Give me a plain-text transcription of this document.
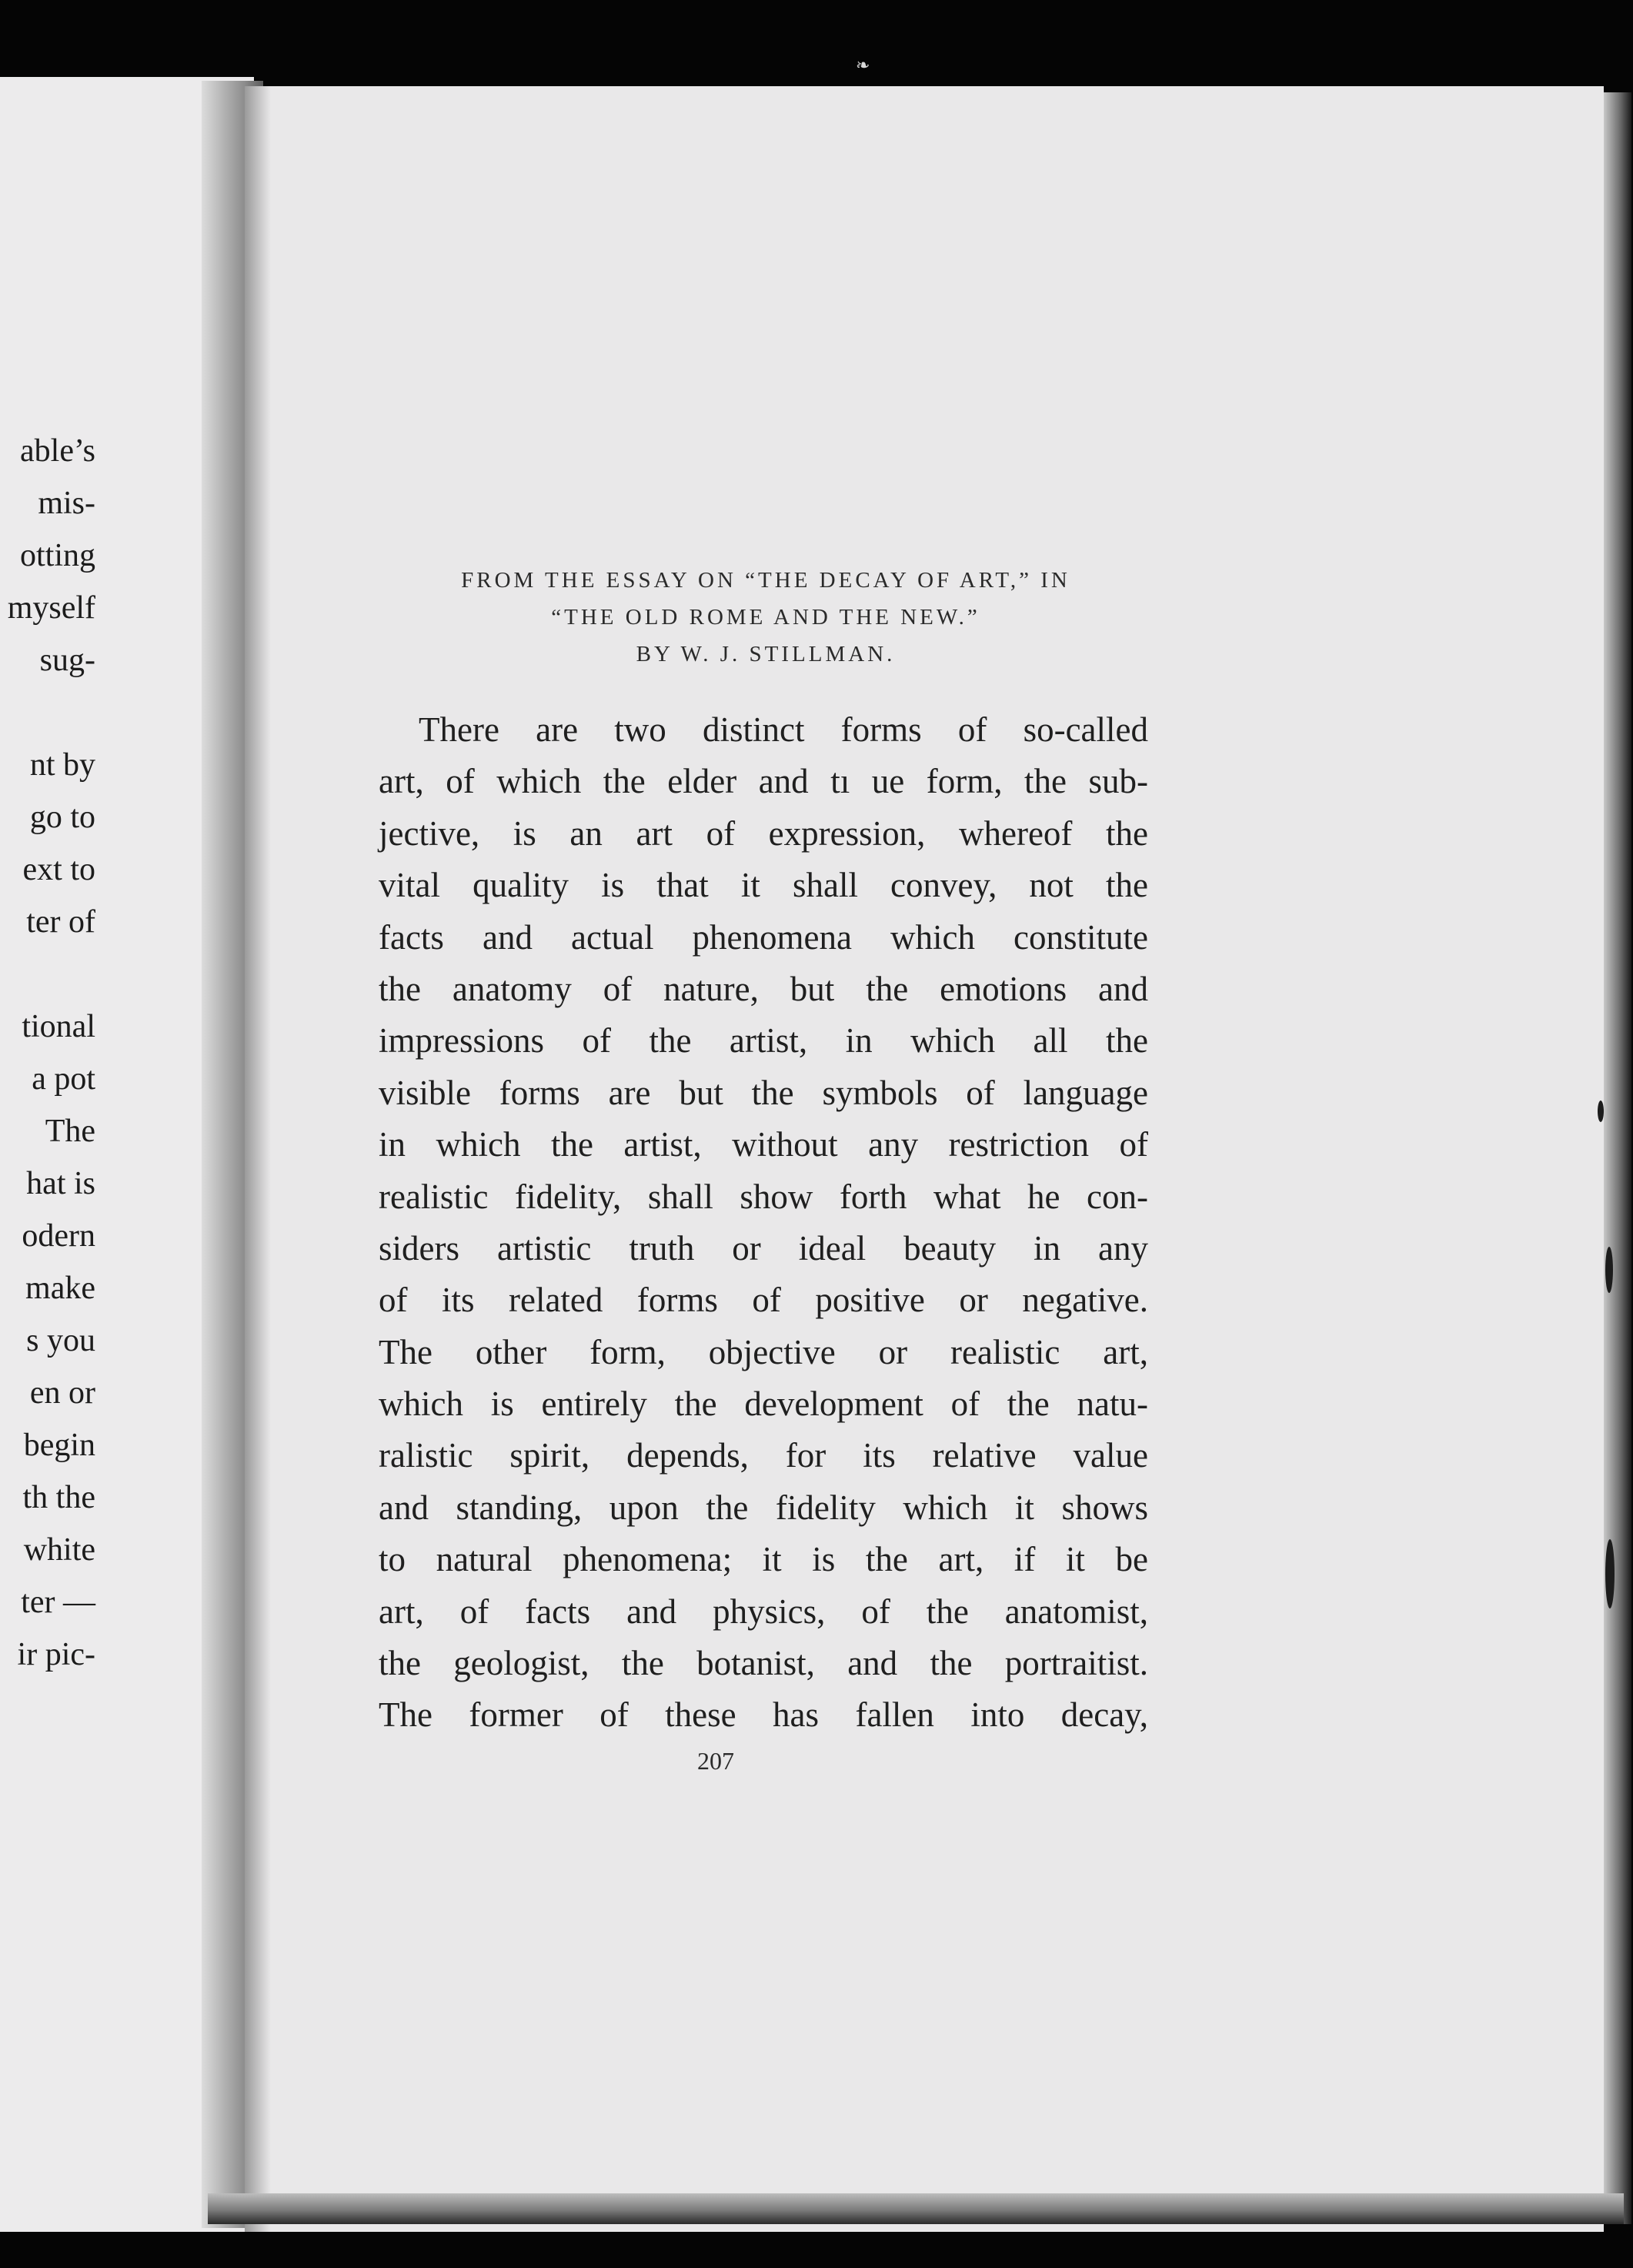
able’s
mis-
otting
myself
sug-
nt by
go to
ext to
ter of
tional
a pot
The
hat is
odern
make
s you
en or
begin
th the
white
ter —
ir pic-
❧
FROM THE ESSAY ON “THE DECAY OF ART,” IN
“THE OLD ROME AND THE NEW.”
BY W. J. STILLMAN.
There are two distinct forms of so-called
art, of which the elder and tı ue form, the sub-
jective, is an art of expression, whereof the
vital quality is that it shall convey, not the
facts and actual phenomena which constitute
the anatomy of nature, but the emotions and
impressions of the artist, in which all the
visible forms are but the symbols of language
in which the artist, without any restriction of
realistic fidelity, shall show forth what he con-
siders artistic truth or ideal beauty in any
of its related forms of positive or negative.
The other form, objective or realistic art,
which is entirely the development of the natu-
ralistic spirit, depends, for its relative value
and standing, upon the fidelity which it shows
to natural phenomena; it is the art, if it be
art, of facts and physics, of the anatomist,
the geologist, the botanist, and the portraitist.
The former of these has fallen into decay,
207
